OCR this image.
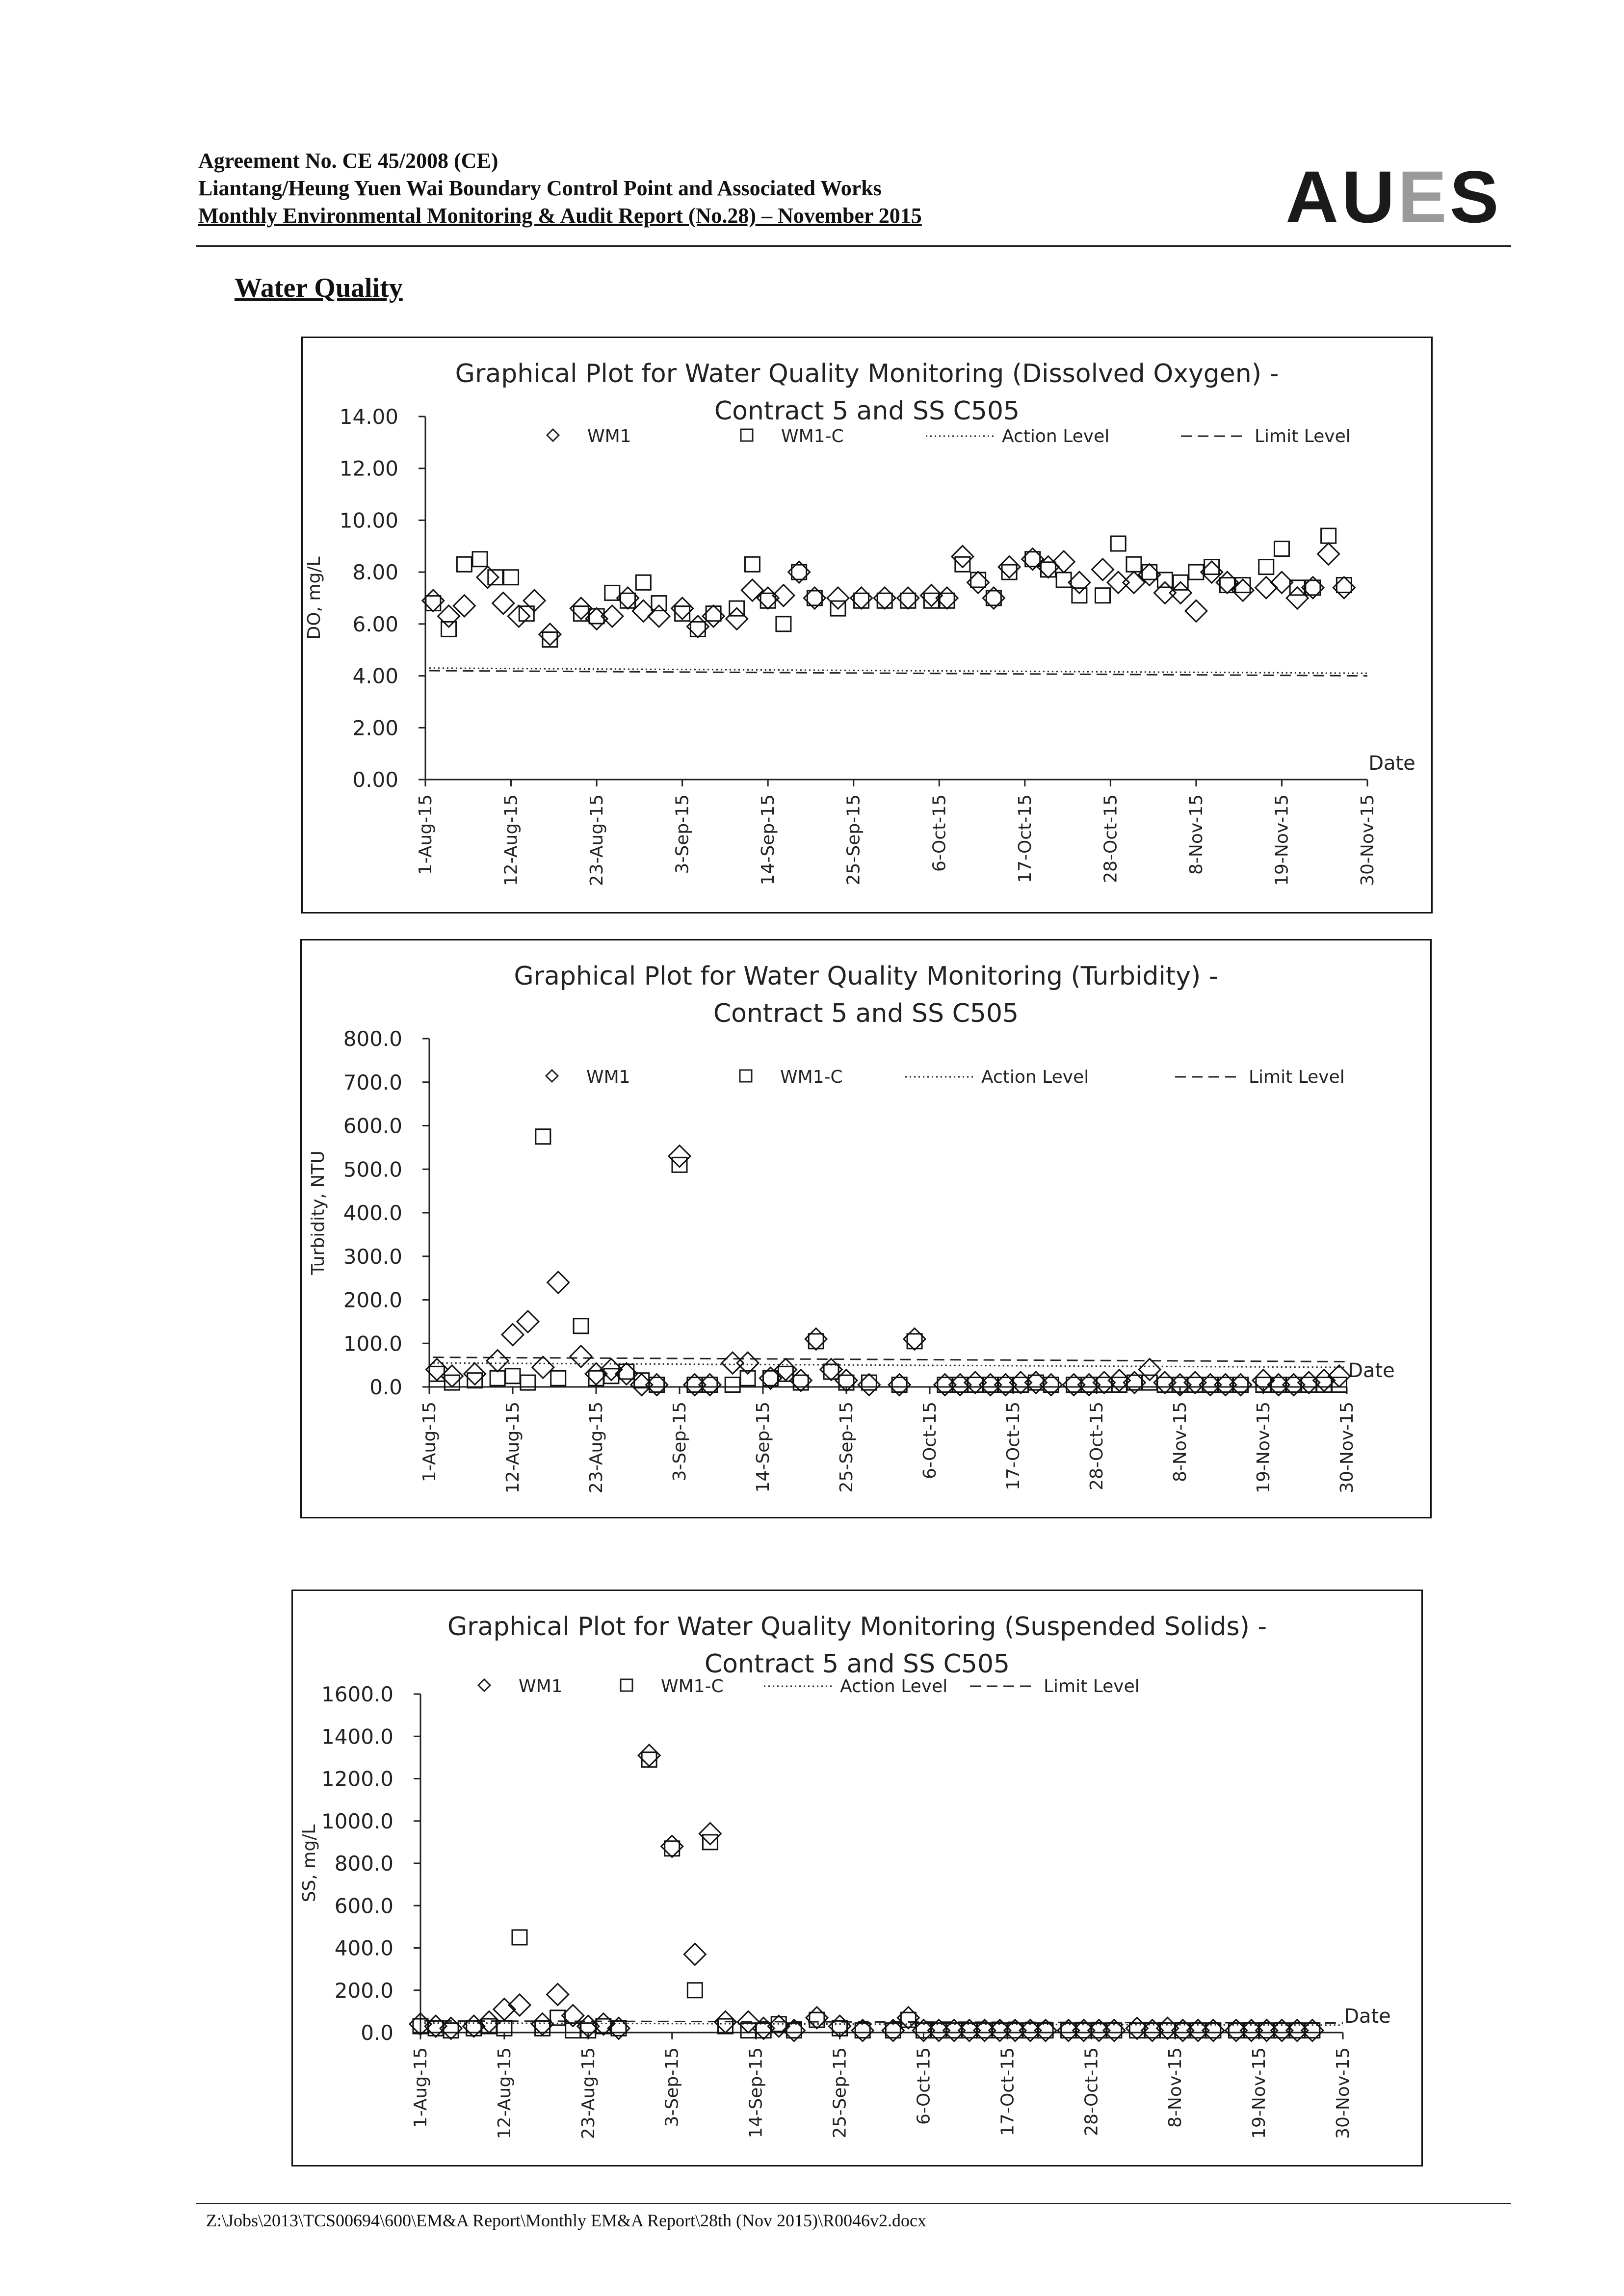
Agreement No. CE 45/2008 (CE)
Liantang/Heung Yuen Wai Boundary Control Point and Associated Works
Monthly Environmental Monitoring & Audit Report (No.28) – November 2015	AUES
Water Quality
Graphical Plot for Water Quality Monitoring (Dissolved Oxygen) -
Contract 5 and SS C505
0.00
2.00
4.00
6.00
8.00
10.00
12.00
14.00
DO, mg/L
1-Aug-15	12-Aug-15	23-Aug-15	3-Sep-15	14-Sep-15	25-Sep-15	6-Oct-15	17-Oct-15	28-Oct-15	8-Nov-15	19-Nov-15	30-Nov-15
Date
WM1	WM1-C	Action Level	Limit Level
Graphical Plot for Water Quality Monitoring (Turbidity) -
Contract 5 and SS C505
0.0
100.0
200.0
300.0
400.0
500.0
600.0
700.0
800.0
Turbidity, NTU
1-Aug-15	12-Aug-15	23-Aug-15	3-Sep-15	14-Sep-15	25-Sep-15	6-Oct-15	17-Oct-15	28-Oct-15	8-Nov-15	19-Nov-15	30-Nov-15
Date
WM1	WM1-C	Action Level	Limit Level
Graphical Plot for Water Quality Monitoring (Suspended Solids) -
Contract 5 and SS C505
0.0
200.0
400.0
600.0
800.0
1000.0
1200.0
1400.0
1600.0
SS, mg/L
1-Aug-15	12-Aug-15	23-Aug-15	3-Sep-15	14-Sep-15	25-Sep-15	6-Oct-15	17-Oct-15	28-Oct-15	8-Nov-15	19-Nov-15	30-Nov-15
Date
WM1	WM1-C	Action Level	Limit Level
Z:\Jobs\2013\TCS00694\600\EM&A Report\Monthly EM&A Report\28th (Nov 2015)\R0046v2.docx
